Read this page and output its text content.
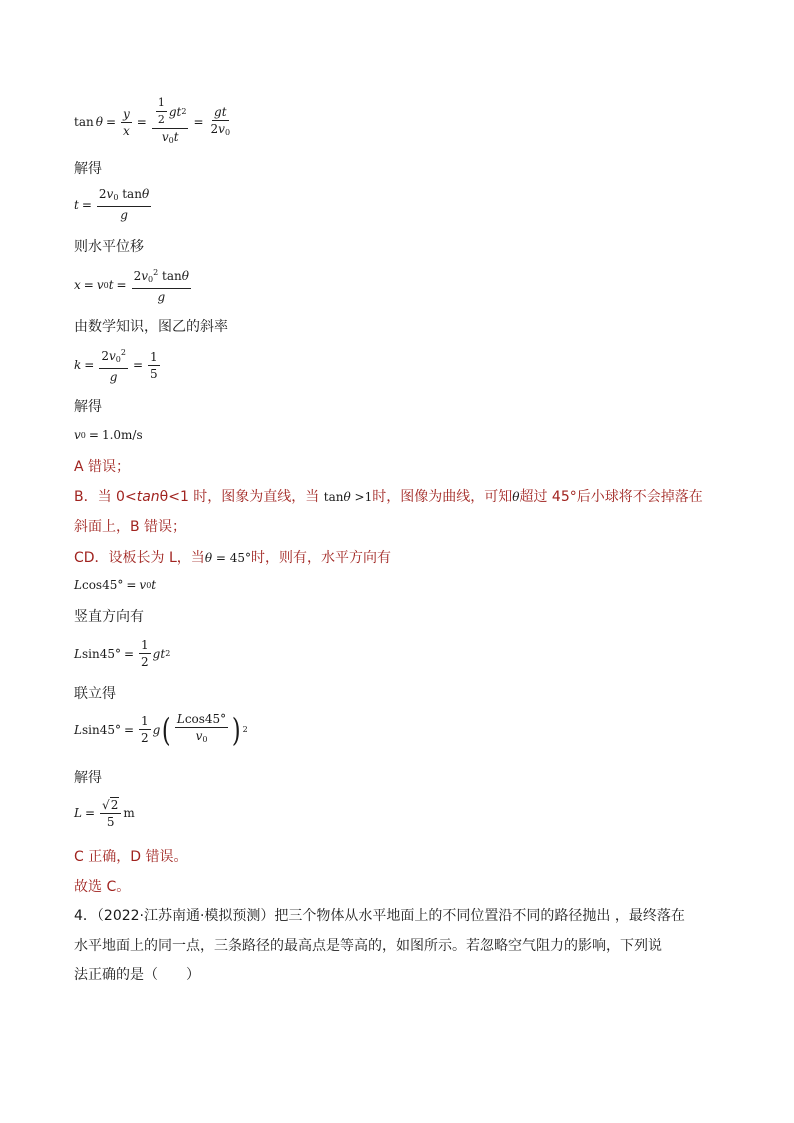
$\tan \theta = \frac{y}{x} = \frac{\frac{1}{2} gt 2}{v_0t} = \frac{gt}{2v_0}$
解得
$t = \frac{2v_0 \tan\theta}{g}$
则水平位移
x = v 0 $t = \frac{2v_0^2 \tan\theta}{g}$
由数学知识，图乙的斜率
$k = \frac{2v_0^2}{g} = \frac{1}{5}$
解得
v 0 = 1.0m/s
A 错误；
B．当 0<tanθ<1 时，图象为直线，当 tanθ >1时，图像为曲线，可知θ超过 45°后小球将不会掉落在
斜面上，B 错误；
CD．设板长为 L，当θ = 45°时，则有，水平方向有
L cos45° = v 0 t
竖直方向有
L $\sin 45^\circ = \frac{1}{2}$ gt 2
联立得
L $\sin 45^\circ = \frac{1}{2}$ g ( $\frac{Lcos45^\circ}{v_0}$ ) 2
解得
$L = \frac{√ 2}{5}$ m
C 正确，D 错误。
故选 C。
4．（2022·江苏南通·模拟预测）把三个物体从水平地面上的不同位置沿不同的路径抛出 ，最终落在
水平地面上的同一点，三条路径的最高点是等高的，如图所示。若忽略空气阻力的影响，下列说
法正确的是（　　）
